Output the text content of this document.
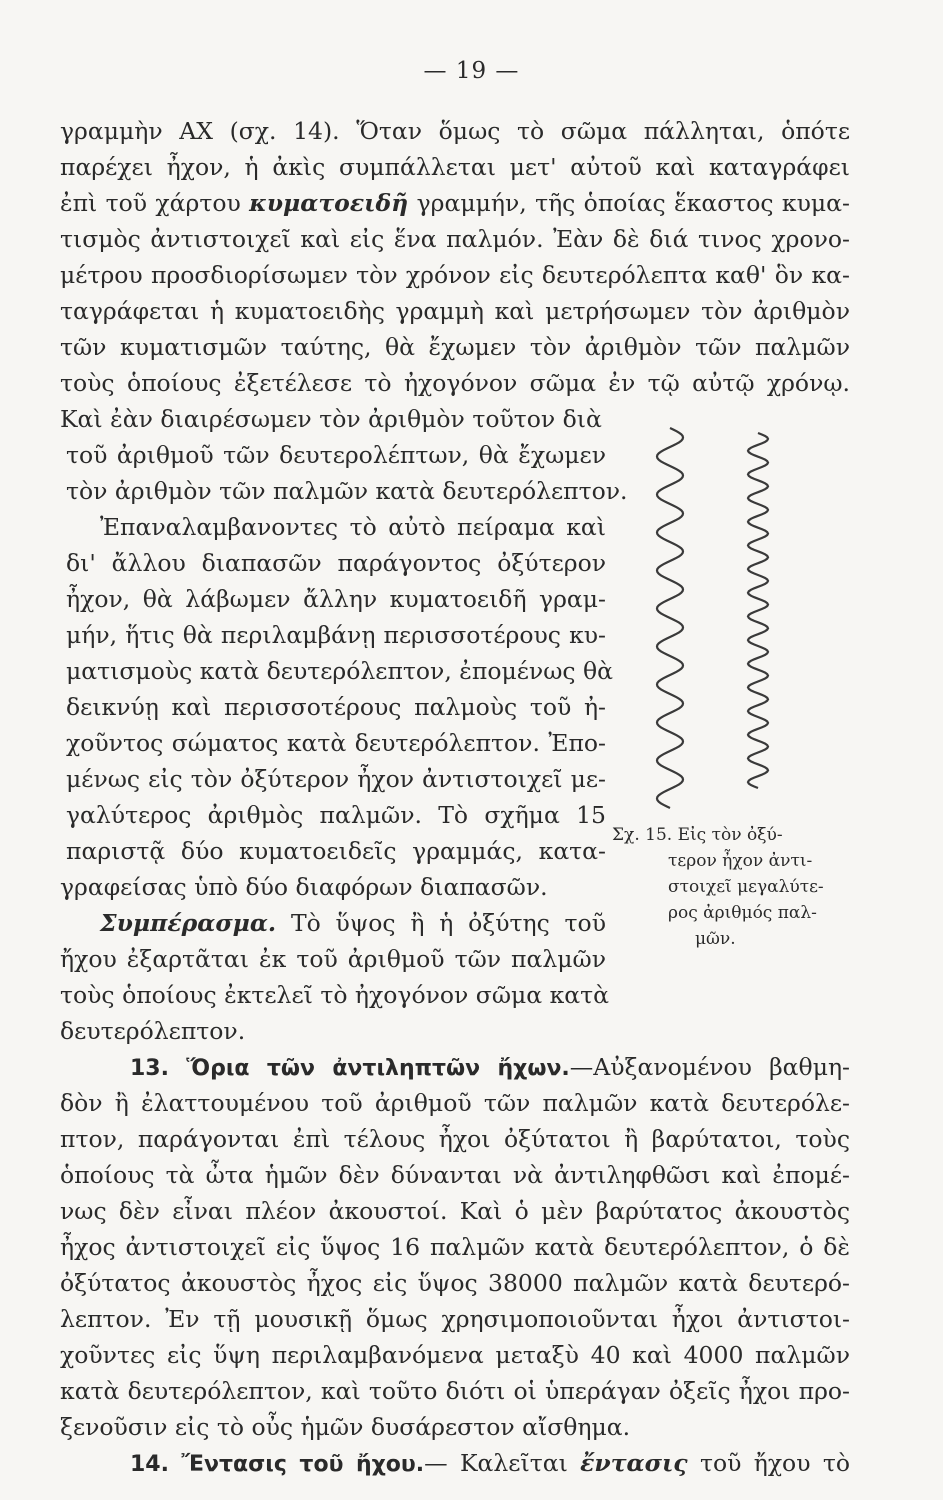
— 19 —
γραμμὴν ΑΧ (σχ. 14). Ὅταν ὅμως τὸ σῶμα πάλληται, ὁπότε
παρέχει ἦχον, ἡ ἀκὶς συμπάλλεται μετ' αὐτοῦ καὶ καταγράφει
ἐπὶ τοῦ χάρτου κυματοειδῆ γραμμήν, τῆς ὁποίας ἕκαστος κυμα-
τισμὸς ἀντιστοιχεῖ καὶ εἰς ἕνα παλμόν. Ἐὰν δὲ διά τινος χρονο-
μέτρου προσδιορίσωμεν τὸν χρόνον εἰς δευτερόλεπτα καθ' ὃν κα-
ταγράφεται ἡ κυματοειδὴς γραμμὴ καὶ μετρήσωμεν τὸν ἀριθμὸν
τῶν κυματισμῶν ταύτης, θὰ ἔχωμεν τὸν ἀριθμὸν τῶν παλμῶν
τοὺς ὁποίους ἐξετέλεσε τὸ ἠχογόνον σῶμα ἐν τῷ αὐτῷ χρόνῳ.
Καὶ ἐὰν διαιρέσωμεν τὸν ἀριθμὸν τοῦτον διὰ
τοῦ ἀριθμοῦ τῶν δευτερολέπτων, θὰ ἔχωμεν
τὸν ἀριθμὸν τῶν παλμῶν κατὰ δευτερόλεπτον.
Ἐπαναλαμβανοντες τὸ αὐτὸ πείραμα καὶ
δι' ἄλλου διαπασῶν παράγοντος ὀξύτερον
ἦχον, θὰ λάβωμεν ἄλλην κυματοειδῆ γραμ-
μήν, ἥτις θὰ περιλαμβάνῃ περισσοτέρους κυ-
ματισμοὺς κατὰ δευτερόλεπτον, ἐπομένως θὰ
δεικνύῃ καὶ περισσοτέρους παλμοὺς τοῦ ἠ-
χοῦντος σώματος κατὰ δευτερόλεπτον. Ἐπο-
μένως εἰς τὸν ὀξύτερον ἦχον ἀντιστοιχεῖ με-
γαλύτερος ἀριθμὸς παλμῶν. Τὸ σχῆμα 15
παριστᾷ δύο κυματοειδεῖς γραμμάς, κατα-
γραφείσας ὑπὸ δύο διαφόρων διαπασῶν.
Συμπέρασμα. Τὸ ὕψος ἢ ἡ ὀξύτης τοῦ
ἤχου ἐξαρτᾶται ἐκ τοῦ ἀριθμοῦ τῶν παλμῶν
τοὺς ὁποίους ἐκτελεῖ τὸ ἠχογόνον σῶμα κατὰ
δευτερόλεπτον.
Σχ. 15. Εἰς τὸν ὀξύ-
τερον ἦχον ἀντι-
στοιχεῖ μεγαλύτε-
ρος ἀριθμός παλ-
μῶν.
13. Ὅρια τῶν ἀντιληπτῶν ἤχων.—Αὐξανομένου βαθμη-
δὸν ἢ ἐλαττουμένου τοῦ ἀριθμοῦ τῶν παλμῶν κατὰ δευτερόλε-
πτον, παράγονται ἐπὶ τέλους ἦχοι ὀξύτατοι ἢ βαρύτατοι, τοὺς
ὁποίους τὰ ὦτα ἡμῶν δὲν δύνανται νὰ ἀντιληφθῶσι καὶ ἐπομέ-
νως δὲν εἶναι πλέον ἀκουστοί. Καὶ ὁ μὲν βαρύτατος ἀκουστὸς
ἦχος ἀντιστοιχεῖ εἰς ὕψος 16 παλμῶν κατὰ δευτερόλεπτον, ὁ δὲ
ὀξύτατος ἀκουστὸς ἦχος εἰς ὕψος 38000 παλμῶν κατὰ δευτερό-
λεπτον. Ἐν τῇ μουσικῇ ὅμως χρησιμοποιοῦνται ἦχοι ἀντιστοι-
χοῦντες εἰς ὕψη περιλαμβανόμενα μεταξὺ 40 καὶ 4000 παλμῶν
κατὰ δευτερόλεπτον, καὶ τοῦτο διότι οἱ ὑπεράγαν ὀξεῖς ἦχοι προ-
ξενοῦσιν εἰς τὸ οὖς ἡμῶν δυσάρεστον αἴσθημα.
14. Ἔντασις τοῦ ἤχου.— Καλεῖται ἔντασις τοῦ ἤχου τὸ
